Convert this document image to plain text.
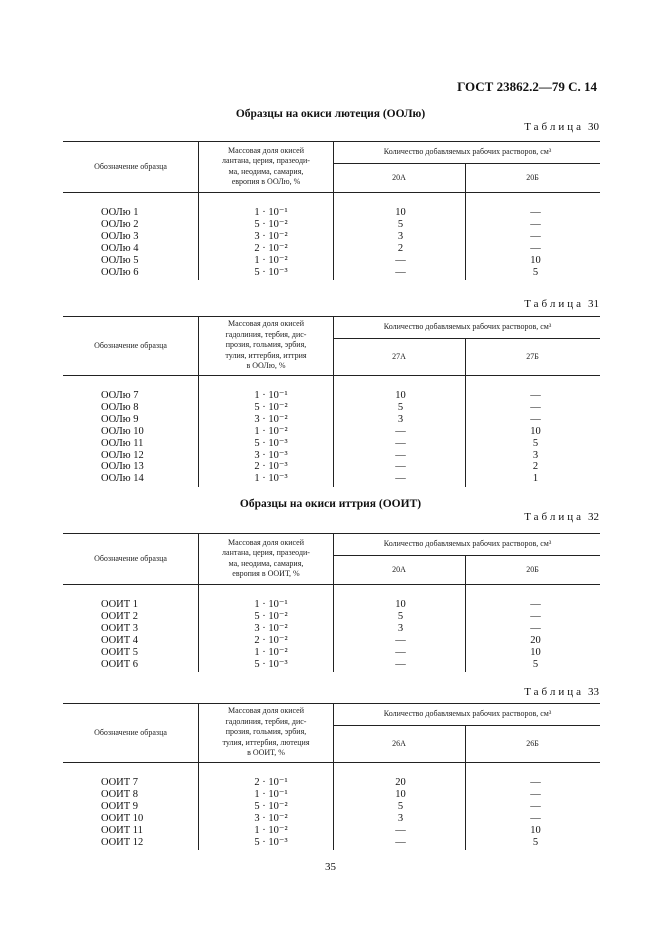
ГОСТ 23862.2—79 С. 14
Образцы на окиси лютеция (ООЛю)
Таблица 30
Обозначение образца
Массовая доля окисей
лантана, церия, празеоди-
ма, неодима, самария,
европия в ООЛю, %
Количество добавляемых рабочих растворов, см³
20А	20Б
ООЛю 1	1 · 10⁻¹	10	—
ООЛю 2	5 · 10⁻²	5	—
ООЛю 3	3 · 10⁻²	3	—
ООЛю 4	2 · 10⁻²	2	—
ООЛю 5	1 · 10⁻²	—	10
ООЛю 6	5 · 10⁻³	—	5
Таблица 31
Обозначение образца
Массовая доля окисей
гадолиния, тербия, дис-
прозия, гольмия, эрбия,
тулия, иттербия, иттрия
в ООЛю, %
Количество добавляемых рабочих растворов, см³
27А	27Б
ООЛю 7	1 · 10⁻¹	10	—
ООЛю 8	5 · 10⁻²	5	—
ООЛю 9	3 · 10⁻²	3	—
ООЛю 10	1 · 10⁻²	—	10
ООЛю 11	5 · 10⁻³	—	5
ООЛю 12	3 · 10⁻³	—	3
ООЛю 13	2 · 10⁻³	—	2
ООЛю 14	1 · 10⁻³	—	1
Образцы на окиси иттрия (ООИТ)
Таблица 32
Обозначение образца
Массовая доля окисей
лантана, церия, празеоди-
ма, неодима, самария,
европия в ООИТ, %
Количество добавляемых рабочих растворов, см³
20А	20Б
ООИТ 1	1 · 10⁻¹	10	—
ООИТ 2	5 · 10⁻²	5	—
ООИТ 3	3 · 10⁻²	3	—
ООИТ 4	2 · 10⁻²	—	20
ООИТ 5	1 · 10⁻²	—	10
ООИТ 6	5 · 10⁻³	—	5
Таблица 33
Обозначение образца
Массовая доля окисей
гадолиния, тербия, дис-
прозия, гольмия, эрбия,
тулия, иттербия, лютеция
в ООИТ, %
Количество добавляемых рабочих растворов, см³
26А	26Б
ООИТ 7	2 · 10⁻¹	20	—
ООИТ 8	1 · 10⁻¹	10	—
ООИТ 9	5 · 10⁻²	5	—
ООИТ 10	3 · 10⁻²	3	—
ООИТ 11	1 · 10⁻²	—	10
ООИТ 12	5 · 10⁻³	—	5
35
